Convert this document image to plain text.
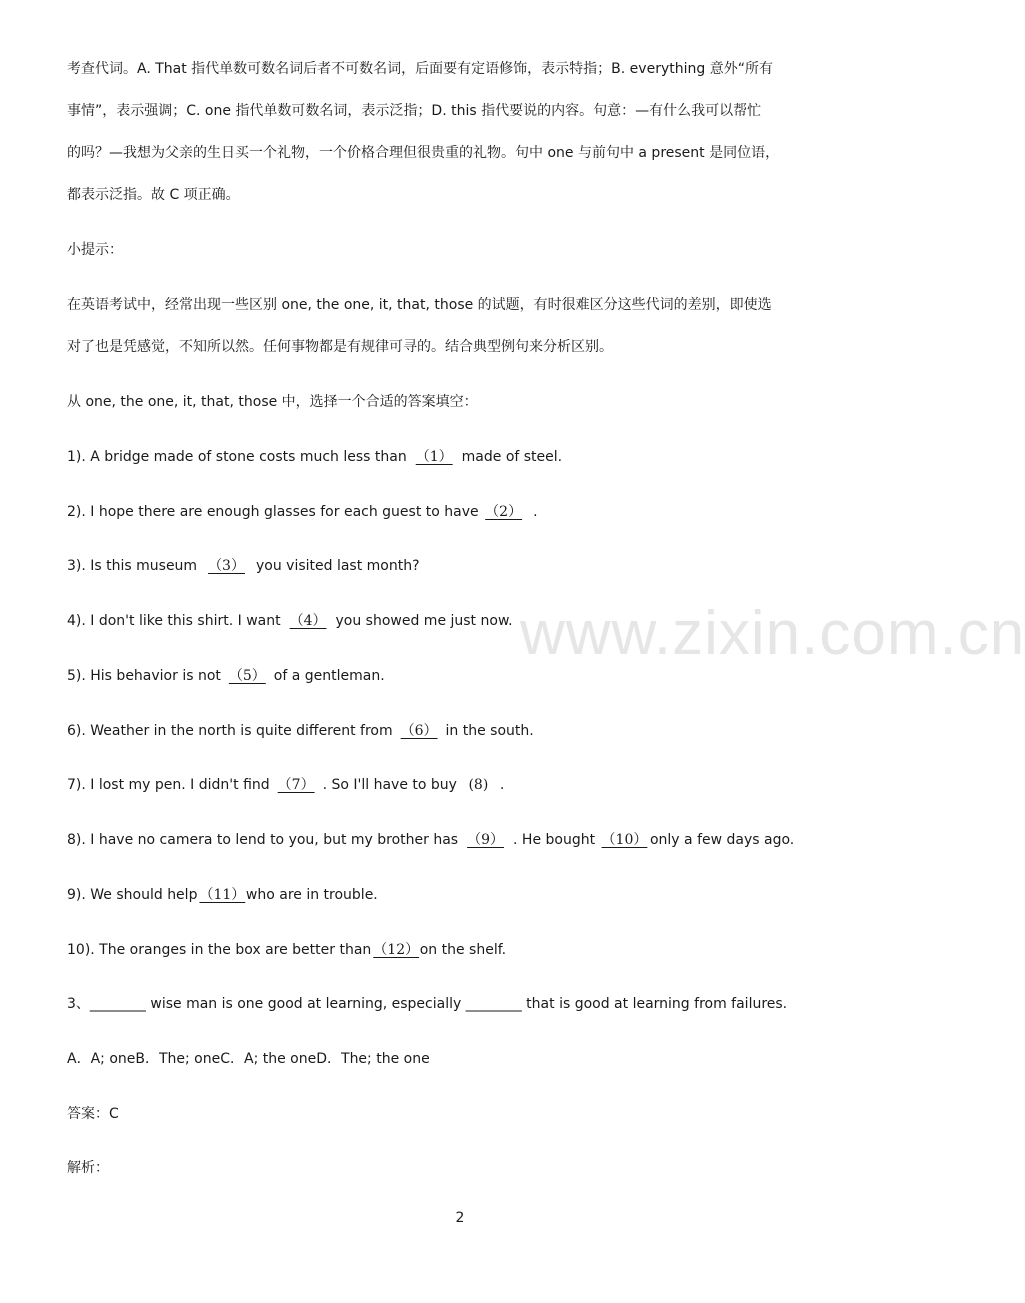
www.zixin.com.cn
考查代词。A. That 指代单数可数名词后者不可数名词，后面要有定语修饰，表示特指；B. everything 意外“所有
事情”，表示强调；C. one 指代单数可数名词，表示泛指；D. this 指代要说的内容。句意：—有什么我可以帮忙
的吗？—我想为父亲的生日买一个礼物，一个价格合理但很贵重的礼物。句中 one 与前句中 a present 是同位语，
都表示泛指。故 C 项正确。
小提示：
在英语考试中，经常出现一些区别 one, the one, it, that, those 的试题，有时很难区分这些代词的差别，即使选
对了也是凭感觉，不知所以然。任何事物都是有规律可寻的。结合典型例句来分析区别。
从 one, the one, it, that, those 中，选择一个合适的答案填空：
1). A bridge made of stone costs much less than （1） made of steel.
2). I hope there are enough glasses for each guest to have （2） .
3). Is this museum （3） you visited last month?
4). I don't like this shirt. I want （4） you showed me just now.
5). His behavior is not （5） of a gentleman.
6). Weather in the north is quite different from （6） in the south.
7). I lost my pen. I didn't find （7） . So I'll have to buy (8) .
8). I have no camera to lend to you, but my brother has （9） . He bought （10） only a few days ago.
9). We should help （11） who are in trouble.
10). The oranges in the box are better than （12） on the shelf.
3、________ wise man is one good at learning, especially ________ that is good at learning from failures.
A．A; oneB．The; oneC．A; the oneD．The; the one
答案：C
解析：
2
